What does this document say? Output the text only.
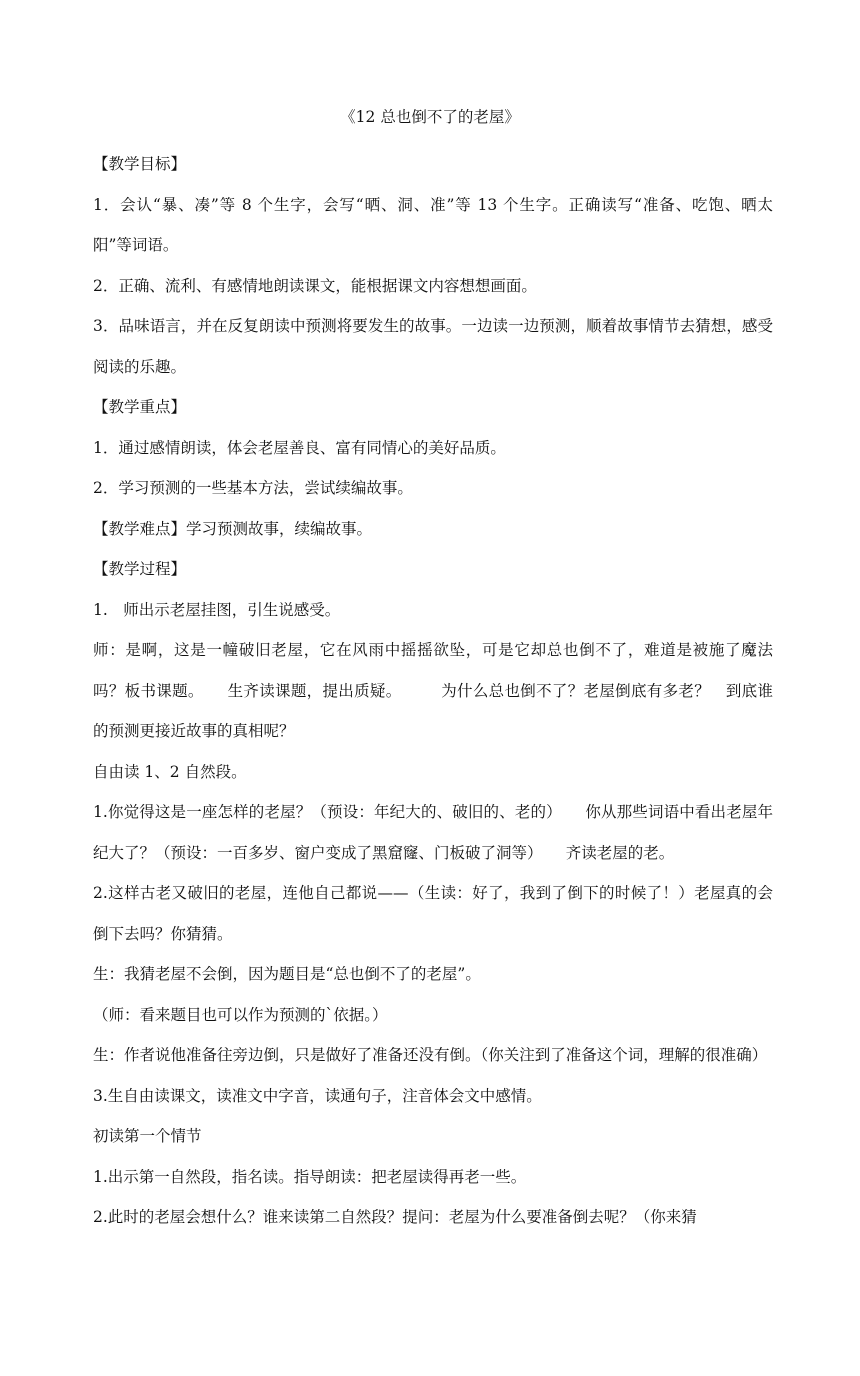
《12 总也倒不了的老屋》

【教学目标】

1．会认“暴、凑”等 8 个生字，会写“晒、洞、准”等 13 个生字。正确读写“准备、吃饱、晒太阳”等词语。

2．正确、流利、有感情地朗读课文，能根据课文内容想想画面。

3．品味语言，并在反复朗读中预测将要发生的故事。一边读一边预测，顺着故事情节去猜想，感受阅读的乐趣。

【教学重点】

1．通过感情朗读，体会老屋善良、富有同情心的美好品质。

2．学习预测的一些基本方法，尝试续编故事。

【教学难点】学习预测故事，续编故事。

【教学过程】

1.　师出示老屋挂图，引生说感受。

师：是啊，这是一幢破旧老屋，它在风雨中摇摇欲坠，可是它却总也倒不了，难道是被施了魔法吗？板书课题。　　生齐读课题，提出质疑。　　　为什么总也倒不了？老屋倒底有多老？　到底谁的预测更接近故事的真相呢？

自由读 1、2 自然段。

1.你觉得这是一座怎样的老屋？（预设：年纪大的、破旧的、老的）　　你从那些词语中看出老屋年纪大了？（预设：一百多岁、窗户变成了黑窟窿、门板破了洞等）　　齐读老屋的老。

2.这样古老又破旧的老屋，连他自己都说——（生读：好了，我到了倒下的时候了！）老屋真的会倒下去吗？你猜猜。

生：我猜老屋不会倒，因为题目是“总也倒不了的老屋”。

（师：看来题目也可以作为预测的`依据。）

生：作者说他准备往旁边倒，只是做好了准备还没有倒。（你关注到了准备这个词，理解的很准确）

3.生自由读课文，读准文中字音，读通句子，注音体会文中感情。

初读第一个情节

1.出示第一自然段，指名读。指导朗读：把老屋读得再老一些。

2.此时的老屋会想什么？谁来读第二自然段？提问：老屋为什么要准备倒去呢？（你来猜
